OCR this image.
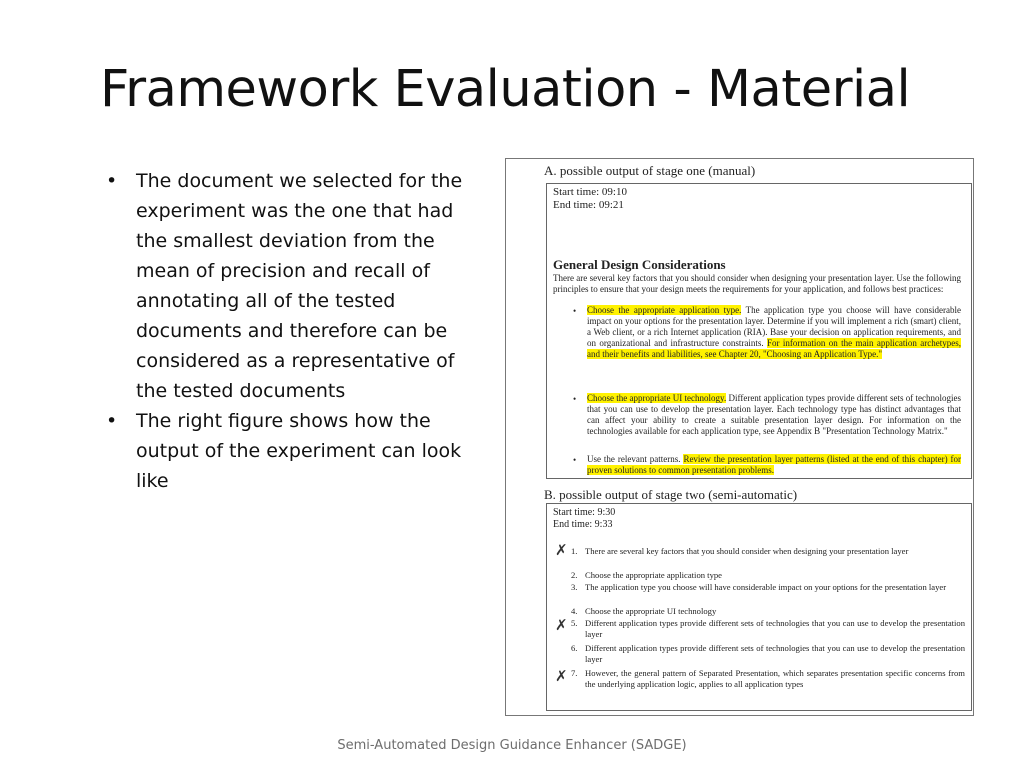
Framework Evaluation - Material
• The document we selected for the experiment was the one that had the smallest deviation from the mean of precision and recall of annotating all of the tested documents and therefore can be considered as a representative of the tested documents
• The right figure shows how the output of the experiment can look like
A. possible output of stage one (manual)
Start time: 09:10
End time: 09:21
General Design Considerations
There are several key factors that you should consider when designing your presentation layer. Use the following principles to ensure that your design meets the requirements for your application, and follows best practices:
• Choose the appropriate application type. The application type you choose will have considerable impact on your options for the presentation layer. Determine if you will implement a rich (smart) client, a Web client, or a rich Internet application (RIA). Base your decision on application requirements, and on organizational and infrastructure constraints. For information on the main application archetypes, and their benefits and liabilities, see Chapter 20, "Choosing an Application Type."
• Choose the appropriate UI technology. Different application types provide different sets of technologies that you can use to develop the presentation layer. Each technology type has distinct advantages that can affect your ability to create a suitable presentation layer design. For information on the technologies available for each application type, see Appendix B "Presentation Technology Matrix."
• Use the relevant patterns. Review the presentation layer patterns (listed at the end of this chapter) for proven solutions to common presentation problems.
B. possible output of stage two (semi-automatic)
Start time: 9:30
End time: 9:33
✗
✗
✗
1. There are several key factors that you should consider when designing your presentation layer
2. Choose the appropriate application type
3. The application type you choose will have considerable impact on your options for the presentation layer
4. Choose the appropriate UI technology
5. Different application types provide different sets of technologies that you can use to develop the presentation layer
6. Different application types provide different sets of technologies that you can use to develop the presentation layer
7. However, the general pattern of Separated Presentation, which separates presentation specific concerns from the underlying application logic, applies to all application types
Semi-Automated Design Guidance Enhancer (SADGE)
